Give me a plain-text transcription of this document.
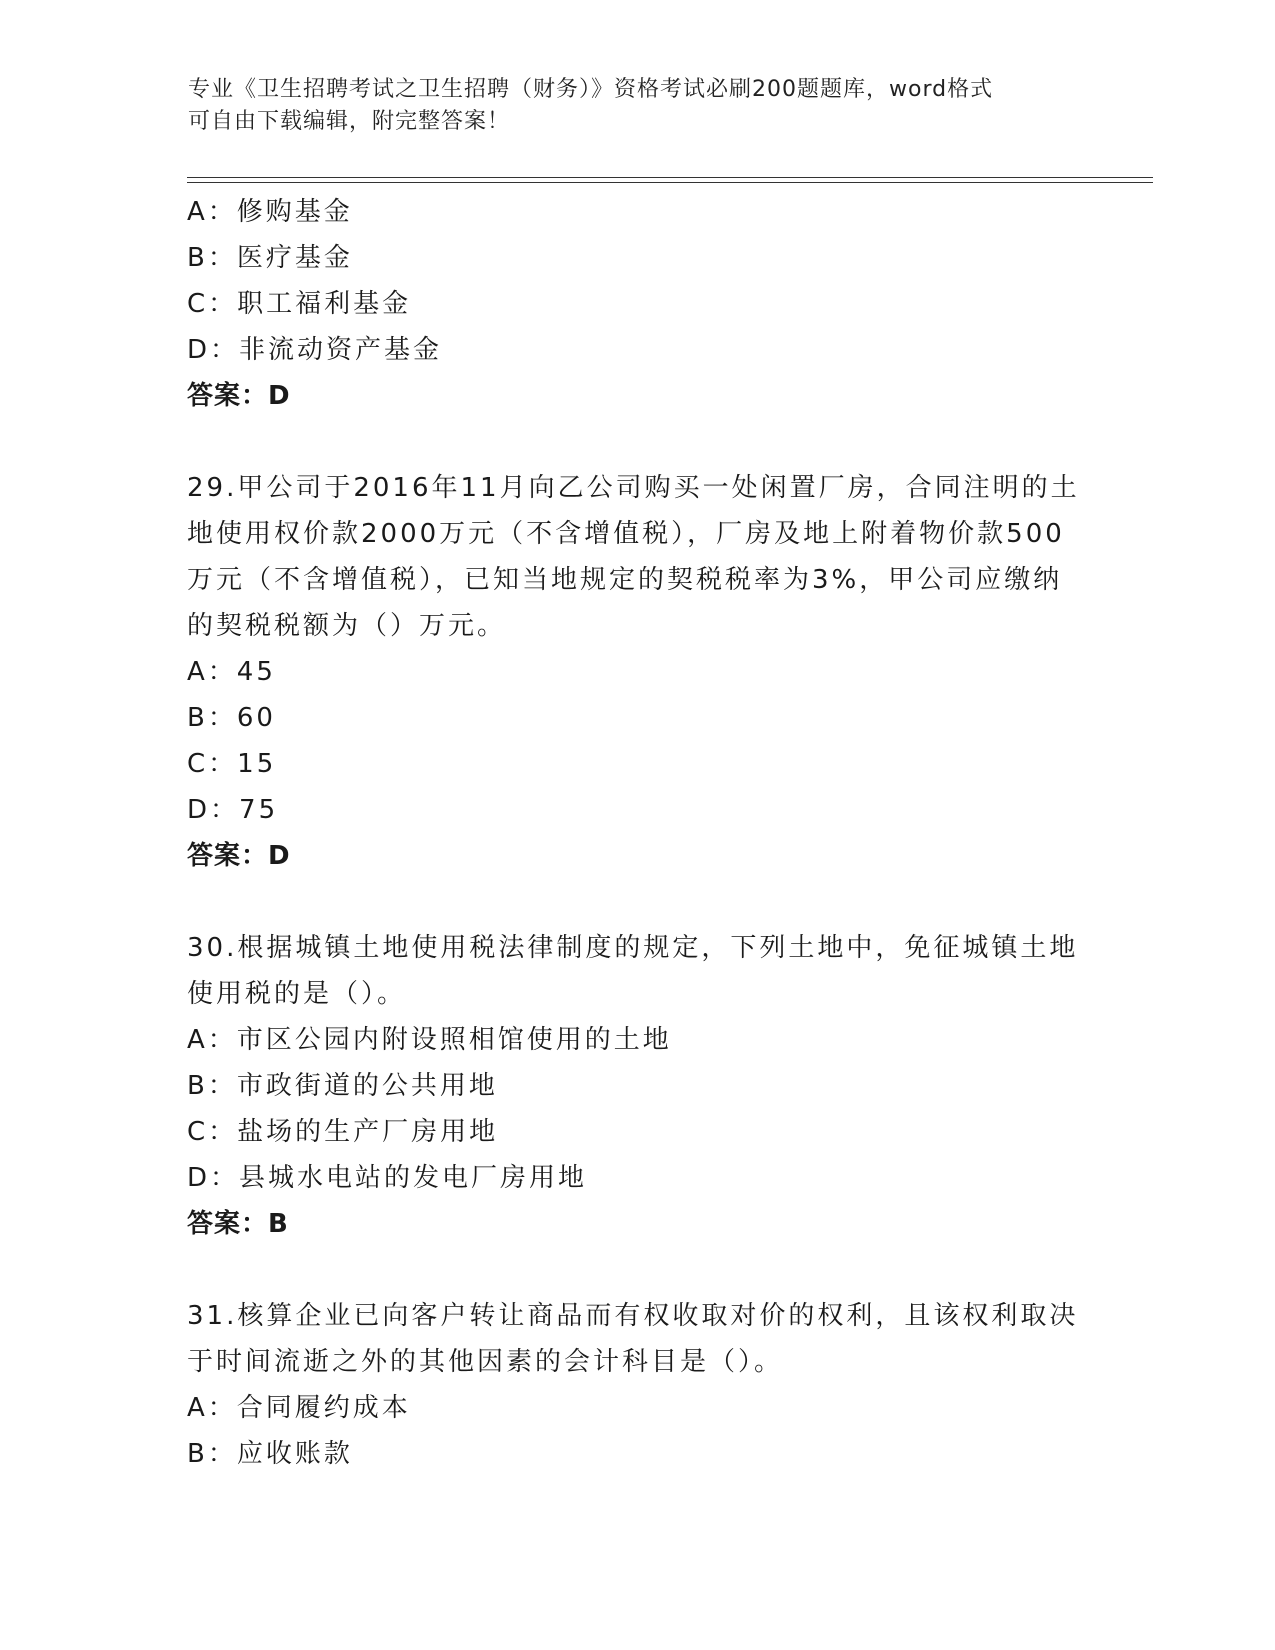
专业《卫生招聘考试之卫生招聘（财务）》资格考试必刷200题题库，word格式
可自由下载编辑，附完整答案！
A：修购基金
B：医疗基金
C：职工福利基金
D：非流动资产基金
答案：D
29.甲公司于2016年11月向乙公司购买一处闲置厂房，合同注明的土
地使用权价款2000万元（不含增值税），厂房及地上附着物价款500
万元（不含增值税），已知当地规定的契税税率为3%，甲公司应缴纳
的契税税额为（）万元。
A：45
B：60
C：15
D：75
答案：D
30.根据城镇土地使用税法律制度的规定，下列土地中，免征城镇土地
使用税的是（）。
A：市区公园内附设照相馆使用的土地
B：市政街道的公共用地
C：盐场的生产厂房用地
D：县城水电站的发电厂房用地
答案：B
31.核算企业已向客户转让商品而有权收取对价的权利，且该权利取决
于时间流逝之外的其他因素的会计科目是（）。
A：合同履约成本
B：应收账款
